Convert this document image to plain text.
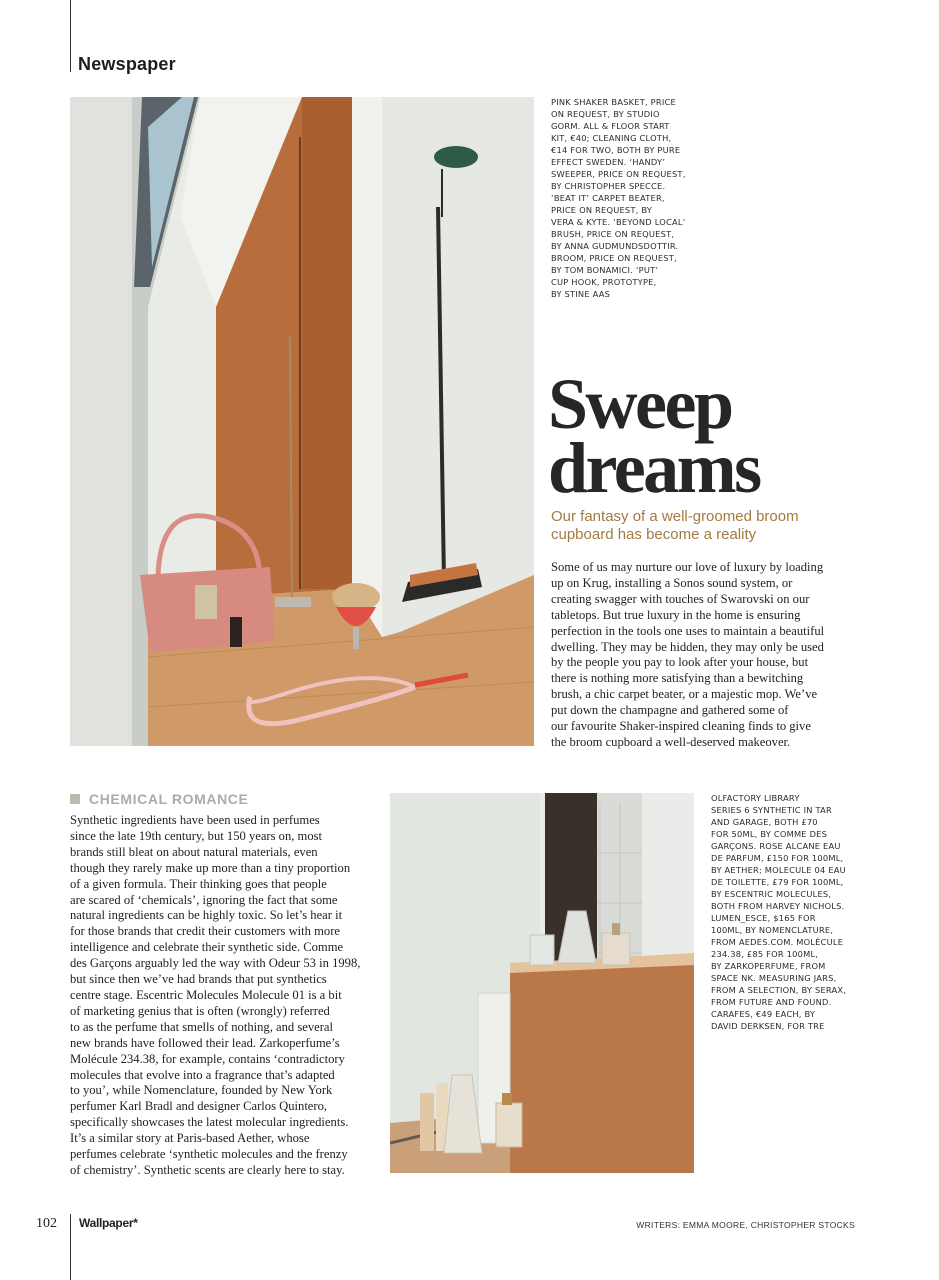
Newspaper
PINK SHAKER BASKET, PRICE
ON REQUEST, BY STUDIO
GORM. ALL & FLOOR START
KIT, €40; CLEANING CLOTH,
€14 FOR TWO, BOTH BY PURE
EFFECT SWEDEN. ‘HANDY’
SWEEPER, PRICE ON REQUEST,
BY CHRISTOPHER SPECCE.
‘BEAT IT’ CARPET BEATER,
PRICE ON REQUEST, BY
VERA & KYTE. ‘BEYOND LOCAL’
BRUSH, PRICE ON REQUEST,
BY ANNA GUDMUNDSDOTTIR.
BROOM, PRICE ON REQUEST,
BY TOM BONAMICI. ‘PUT’
CUP HOOK, PROTOTYPE,
BY STINE AAS
Sweep
dreams
Our fantasy of a well-groomed broom
cupboard has become a reality
Some of us may nurture our love of luxury by loading
up on Krug, installing a Sonos sound system, or
creating swagger with touches of Swarovski on our
tabletops. But true luxury in the home is ensuring
perfection in the tools one uses to maintain a beautiful
dwelling. They may be hidden, they may only be used
by the people you pay to look after your house, but
there is nothing more satisfying than a bewitching
brush, a chic carpet beater, or a majestic mop. We’ve
put down the champagne and gathered some of
our favourite Shaker-inspired cleaning finds to give
the broom cupboard a well-deserved makeover.
CHEMICAL ROMANCE
Synthetic ingredients have been used in perfumes
since the late 19th century, but 150 years on, most
brands still bleat on about natural materials, even
though they rarely make up more than a tiny proportion
of a given formula. Their thinking goes that people
are scared of ‘chemicals’, ignoring the fact that some
natural ingredients can be highly toxic. So let’s hear it
for those brands that credit their customers with more
intelligence and celebrate their synthetic side. Comme
des Garçons arguably led the way with Odeur 53 in 1998,
but since then we’ve had brands that put synthetics
centre stage. Escentric Molecules Molecule 01 is a bit
of marketing genius that is often (wrongly) referred
to as the perfume that smells of nothing, and several
new brands have followed their lead. Zarkoperfume’s
Molécule 234.38, for example, contains ‘contradictory
molecules that evolve into a fragrance that’s adapted
to you’, while Nomenclature, founded by New York
perfumer Karl Bradl and designer Carlos Quintero,
specifically showcases the latest molecular ingredients.
It’s a similar story at Paris-based Aether, whose
perfumes celebrate ‘synthetic molecules and the frenzy
of chemistry’. Synthetic scents are clearly here to stay.
OLFACTORY LIBRARY
SERIES 6 SYNTHETIC IN TAR
AND GARAGE, BOTH £70
FOR 50ML, BY COMME DES
GARÇONS. ROSE ALCANE EAU
DE PARFUM, £150 FOR 100ML,
BY AETHER; MOLECULE 04 EAU
DE TOILETTE, £79 FOR 100ML,
BY ESCENTRIC MOLECULES,
BOTH FROM HARVEY NICHOLS.
LUMEN_ESCE, $165 FOR
100ML, BY NOMENCLATURE,
FROM AEDES.COM. MOLÉCULE
234.38, £85 FOR 100ML,
BY ZARKOPERFUME, FROM
SPACE NK. MEASURING JARS,
FROM A SELECTION, BY SERAX,
FROM FUTURE AND FOUND.
CARAFES, €49 EACH, BY
DAVID DERKSEN, FOR TRE
102 Wallpaper*	WRITERS: EMMA MOORE, CHRISTOPHER STOCKS
